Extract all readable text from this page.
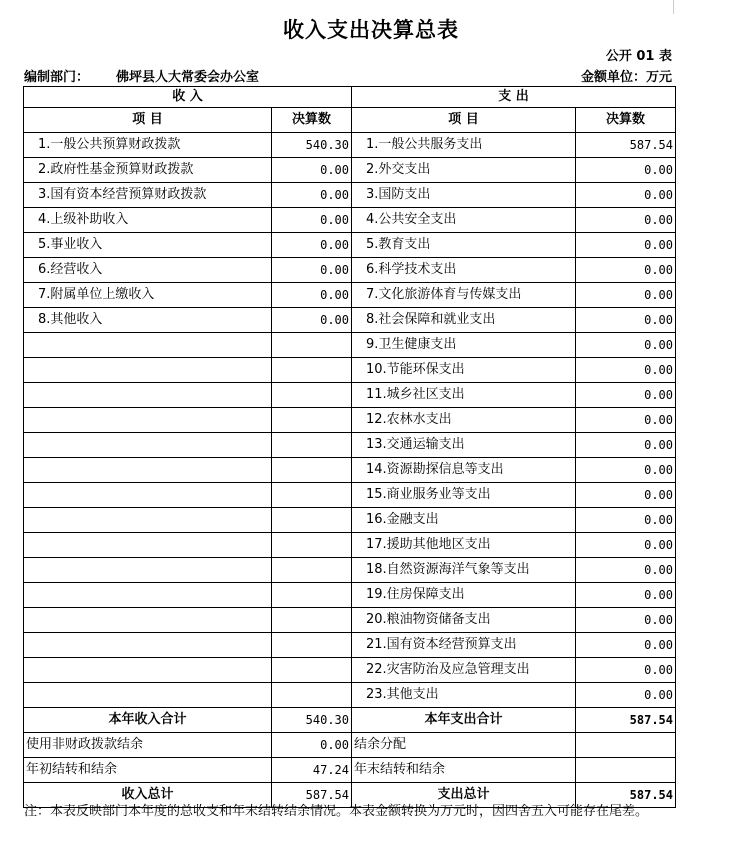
收入支出决算总表
公开 01 表
编制部门： 佛坪县人大常委会办公室	金额单位：万元
收 入		支 出	
项 目	决算数	项 目	决算数
1.一般公共预算财政拨款	540.30	1.一般公共服务支出	587.54
2.政府性基金预算财政拨款	0.00	2.外交支出	0.00
3.国有资本经营预算财政拨款	0.00	3.国防支出	0.00
4.上级补助收入	0.00	4.公共安全支出	0.00
5.事业收入	0.00	5.教育支出	0.00
6.经营收入	0.00	6.科学技术支出	0.00
7.附属单位上缴收入	0.00	7.文化旅游体育与传媒支出	0.00
8.其他收入	0.00	8.社会保障和就业支出	0.00
		9.卫生健康支出	0.00
		10.节能环保支出	0.00
		11.城乡社区支出	0.00
		12.农林水支出	0.00
		13.交通运输支出	0.00
		14.资源勘探信息等支出	0.00
		15.商业服务业等支出	0.00
		16.金融支出	0.00
		17.援助其他地区支出	0.00
		18.自然资源海洋气象等支出	0.00
		19.住房保障支出	0.00
		20.粮油物资储备支出	0.00
		21.国有资本经营预算支出	0.00
		22.灾害防治及应急管理支出	0.00
		23.其他支出	0.00
本年收入合计	540.30	本年支出合计	587.54
使用非财政拨款结余	0.00	结余分配	
年初结转和结余	47.24	年末结转和结余	
收入总计	587.54	支出总计	587.54
注：本表反映部门本年度的总收支和年末结转结余情况。本表金额转换为万元时，因四舍五入可能存在尾差。
